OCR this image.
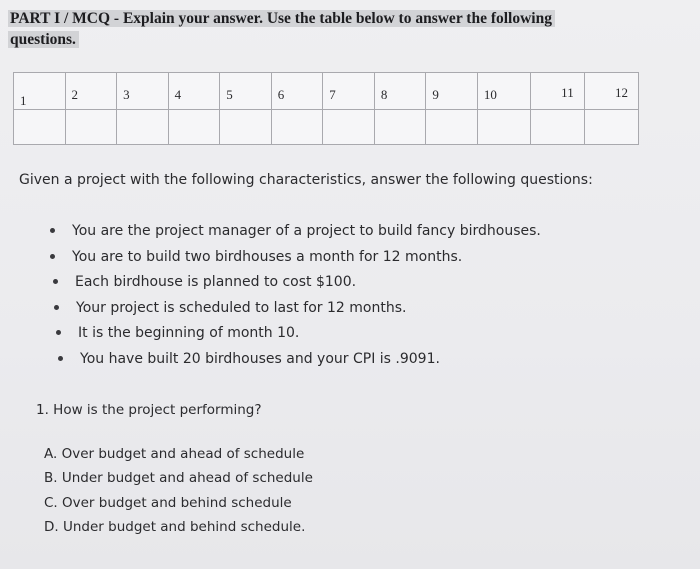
PART I / MCQ - Explain your answer. Use the table below to answer the following
questions.
1	2	3	4	5	6	7	8	9	10	11	12

Given a project with the following characteristics, answer the following questions:
You are the project manager of a project to build fancy birdhouses.
You are to build two birdhouses a month for 12 months.
Each birdhouse is planned to cost $100.
Your project is scheduled to last for 12 months.
It is the beginning of month 10.
You have built 20 birdhouses and your CPI is .9091.
1. How is the project performing?
A. Over budget and ahead of schedule
B. Under budget and ahead of schedule
C. Over budget and behind schedule
D. Under budget and behind schedule.
